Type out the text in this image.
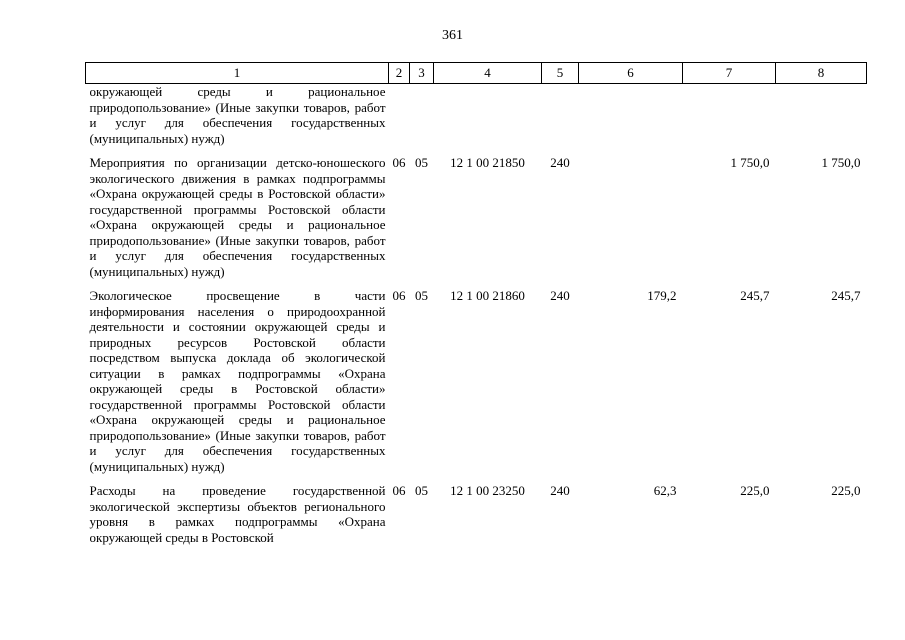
361
1	2	3	4	5	6	7	8
окружающей среды и рациональное природопользование» (Иные закупки товаров, работ и услуг для обеспечения государственных (муниципальных) нужд)							
Мероприятия по организации детско-юношеского экологического движения в рамках подпрограммы «Охрана окружающей среды в Ростовской области» государственной программы Ростовской области «Охрана окружающей среды и рациональное природопользование» (Иные закупки товаров, работ и услуг для обеспечения государственных (муниципальных) нужд)	06	05	12 1 00 21850	240		1 750,0	1 750,0
Экологическое просвещение в части информирования населения о природоохранной деятельности и состоянии окружающей среды и природных ресурсов Ростовской области посредством выпуска доклада об экологической ситуации в рамках подпрограммы «Охрана окружающей среды в Ростовской области» государственной программы Ростовской области «Охрана окружающей среды и рациональное природопользование» (Иные закупки товаров, работ и услуг для обеспечения государственных (муниципальных) нужд)	06	05	12 1 00 21860	240	179,2	245,7	245,7
Расходы на проведение государственной экологической экспертизы объектов регионального уровня в рамках подпрограммы «Охрана окружающей среды в Ростовской	06	05	12 1 00 23250	240	62,3	225,0	225,0
